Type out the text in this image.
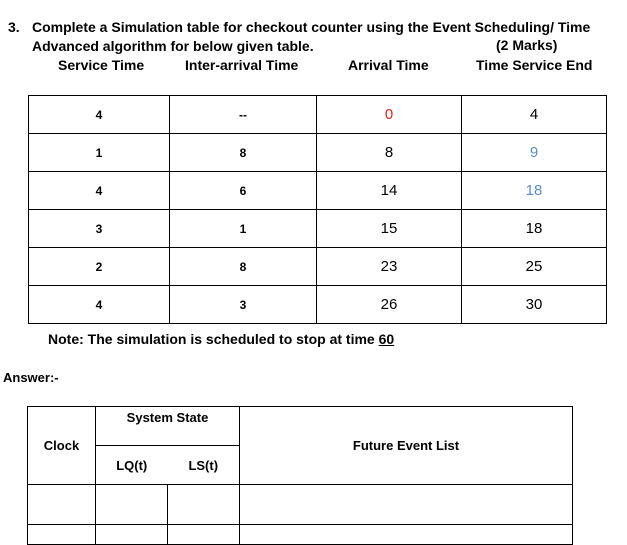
3. Complete a Simulation table for checkout counter using the Event Scheduling/ Time
Advanced algorithm for below given table.	(2 Marks)
Service Time	Inter-arrival Time	Arrival Time	Time Service End
4	--	0	4
1	8	8	9
4	6	14	18
3	1	15	18
2	8	23	25
4	3	26	30
Note: The simulation is scheduled to stop at time 60
Answer:-
Clock	System State		Future Event List
	LQ(t)	LS(t)	
